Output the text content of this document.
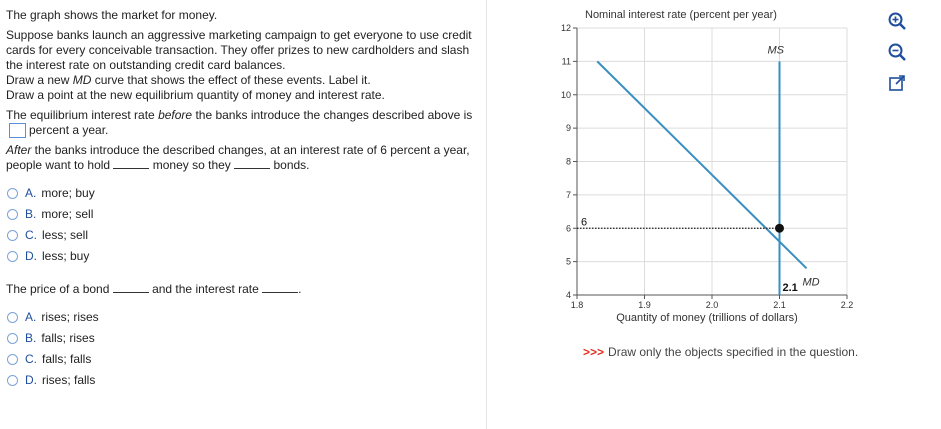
The graph shows the market for money.

Suppose banks launch an aggressive marketing campaign to get everyone to use credit cards for every conceivable transaction. They offer prizes to new cardholders and slash the interest rate on outstanding credit card balances.

Draw a new MD curve that shows the effect of these events. Label it.

Draw a point at the new equilibrium quantity of money and interest rate.

The equilibrium interest rate before the banks introduce the changes described above is percent a year.

After the banks introduce the described changes, at an interest rate of 6 percent a year, people want to hold	money so they	bonds.

A. more; buy
B. more; sell
C. less; sell
D. less; buy

The price of a bond	and the interest rate	.

A. rises; rises
B. falls; rises
C. falls; falls
D. rises; falls
4
5
6
7
8
9
10
11
12
1.8	1.9	2.0	2.1	2.2
Nominal interest rate (percent per year)
Quantity of money (trillions of dollars)
MS
MD
6
2.1
>>> Draw only the objects specified in the question.
